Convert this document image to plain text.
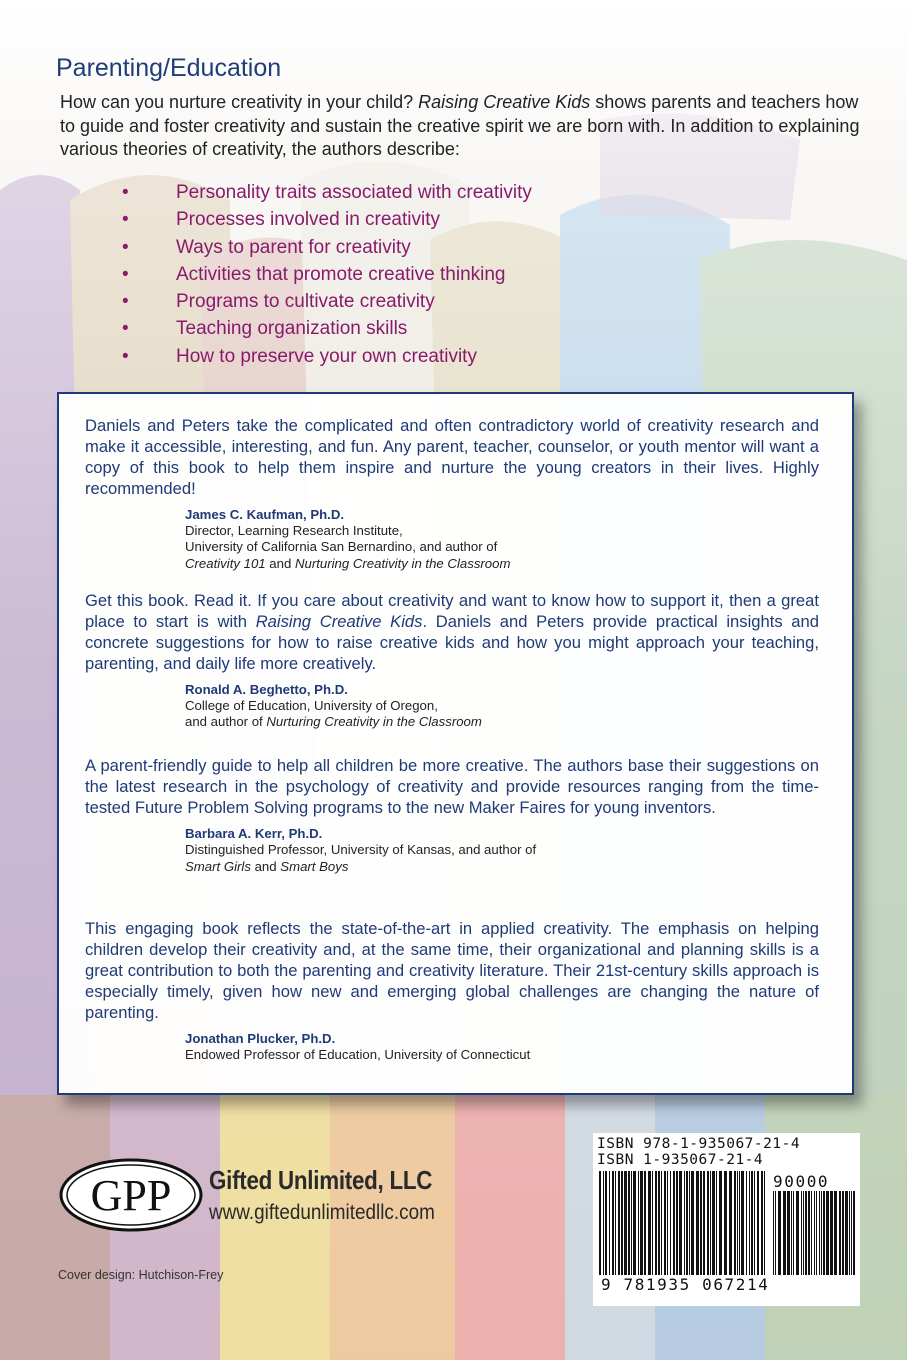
Parenting/Education
How can you nurture creativity in your child? Raising Creative Kids shows parents and teachers how to guide and foster creativity and sustain the creative spirit we are born with. In addition to explaining various theories of creativity, the authors describe:
• Personality traits associated with creativity
• Processes involved in creativity
• Ways to parent for creativity
• Activities that promote creative thinking
• Programs to cultivate creativity
• Teaching organization skills
• How to preserve your own creativity

Daniels and Peters take the complicated and often contradictory world of creativity research and make it accessible, interesting, and fun. Any parent, teacher, counselor, or youth mentor will want a copy of this book to help them inspire and nurture the young creators in their lives. Highly recommended!

James C. Kaufman, Ph.D.
Director, Learning Research Institute,
University of California San Bernardino, and author of
Creativity 101 and Nurturing Creativity in the Classroom

Get this book. Read it. If you care about creativity and want to know how to support it, then a great place to start is with Raising Creative Kids. Daniels and Peters provide practical insights and concrete suggestions for how to raise creative kids and how you might approach your teaching, parenting, and daily life more creatively.

Ronald A. Beghetto, Ph.D.
College of Education, University of Oregon,
and author of Nurturing Creativity in the Classroom

A parent-friendly guide to help all children be more creative. The authors base their suggestions on the latest research in the psychology of creativity and provide resources ranging from the time-tested Future Problem Solving programs to the new Maker Faires for young inventors.

Barbara A. Kerr, Ph.D.
Distinguished Professor, University of Kansas, and author of
Smart Girls and Smart Boys

This engaging book reflects the state-of-the-art in applied creativity. The emphasis on helping children develop their creativity and, at the same time, their organizational and planning skills is a great contribution to both the parenting and creativity literature. Their 21st-century skills approach is especially timely, given how new and emerging global challenges are changing the nature of parenting.

Jonathan Plucker, Ph.D.
Endowed Professor of Education, University of Connecticut
GPP Gifted Unlimited, LLC
www.giftedunlimitedllc.com
Cover design: Hutchison-Frey
ISBN 978-1-935067-21-4
ISBN 1-935067-21-4
90000
9 781935 067214
